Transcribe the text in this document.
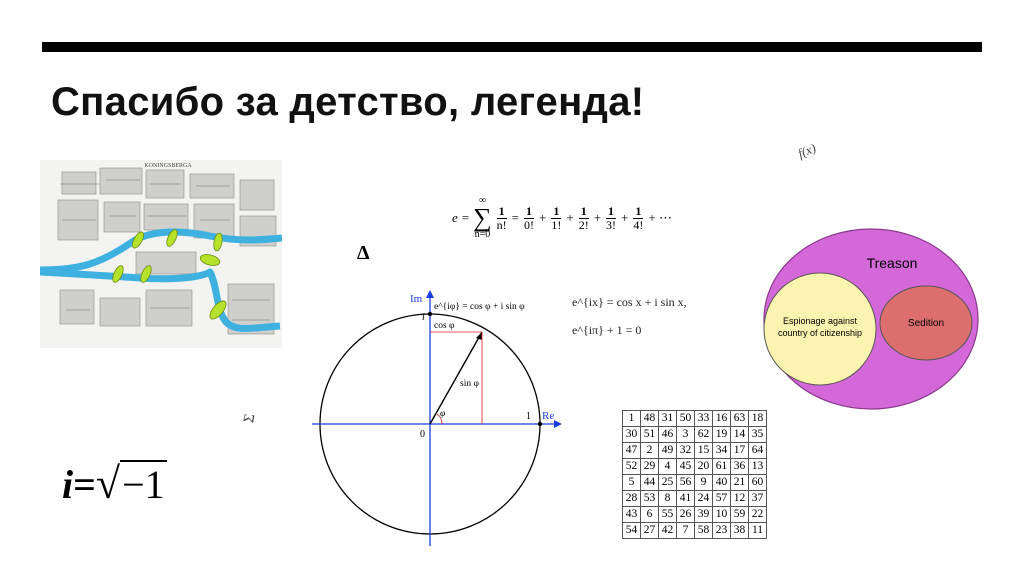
Спасибо за детство, легенда!
KONINGSBERGA
f(x)
Δ
Σ
e = ∞
∑
n=0
$\frac{1}{n!} = \frac{1}{0!} + \frac{1}{1!} + \frac{1}{2!} + \frac{1}{3!} + \frac{1}{4!}$ + ⋯
e^{ix} = cos x + i sin x,
e^{iπ} + 1 = 0
i=√−1
Im
Re
i
1
0
e^{iφ} = cos φ + i sin φ
cos φ
sin φ
φ
Treason
Espionage against
country of citizenship
Sedition
1	48	31	50	33	16	63	18
30	51	46	3	62	19	14	35
47	2	49	32	15	34	17	64
52	29	4	45	20	61	36	13
5	44	25	56	9	40	21	60
28	53	8	41	24	57	12	37
43	6	55	26	39	10	59	22
54	27	42	7	58	23	38	11
